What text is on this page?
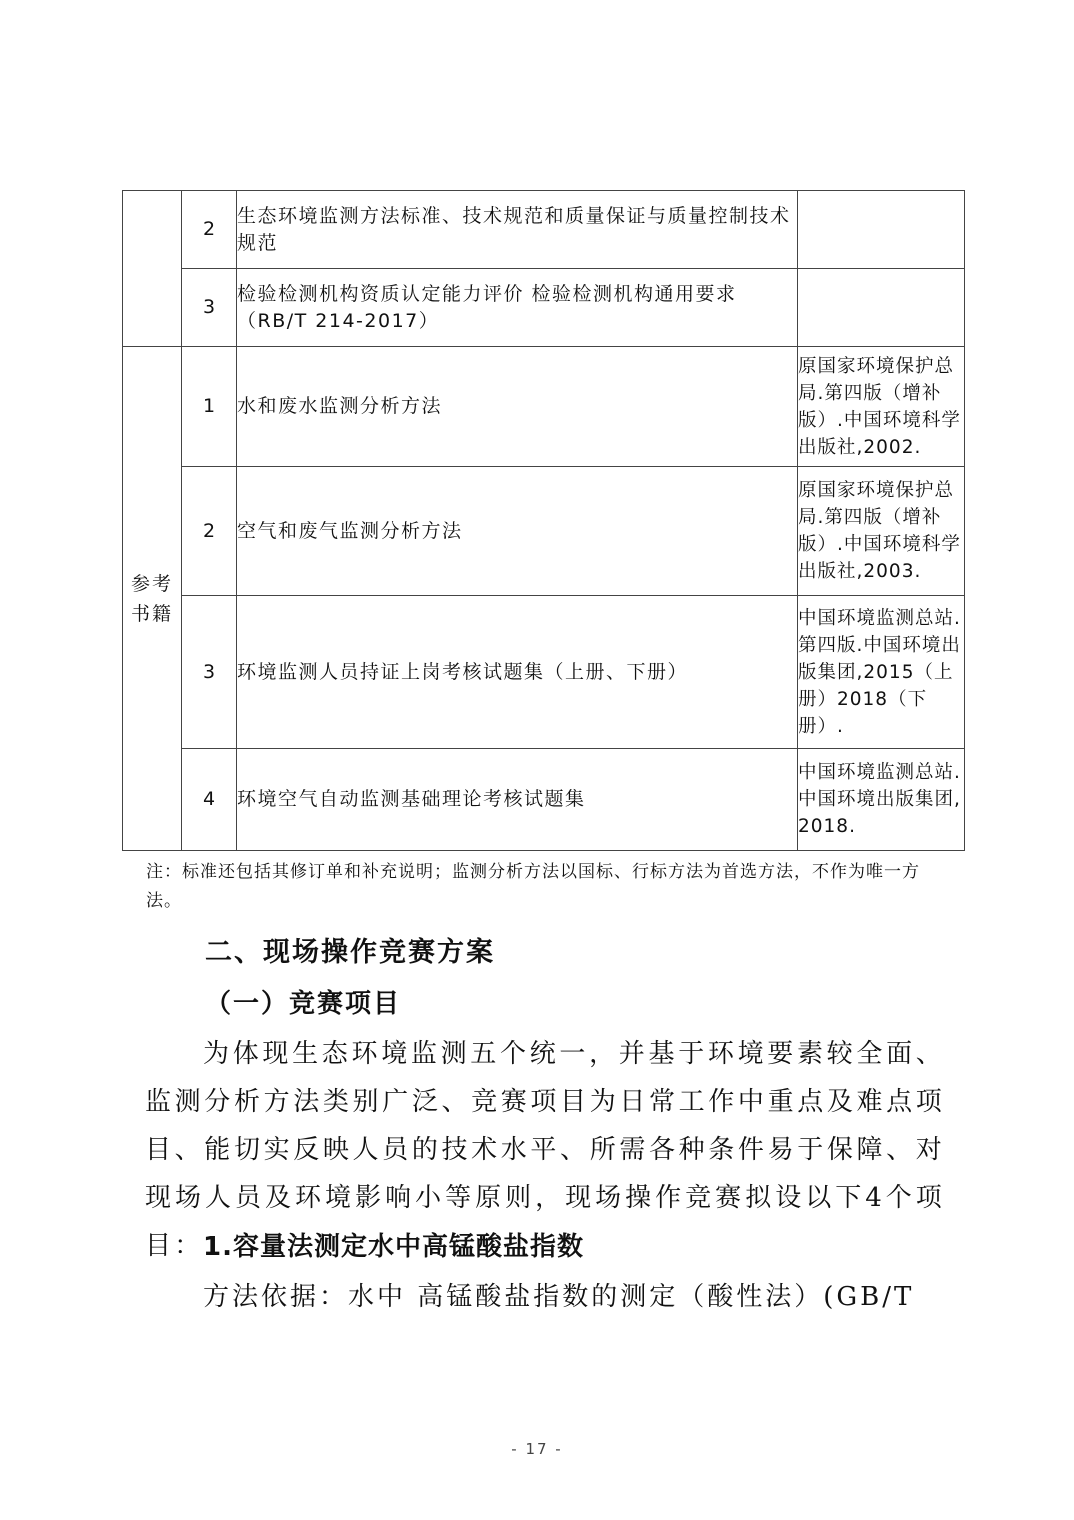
	2	生态环境监测方法标准、技术规范和质量保证与质量控制技术规范	
	3	检验检测机构资质认定能力评价 检验检测机构通用要求（RB/T 214-2017）	

参考书籍	1	水和废水监测分析方法	原国家环境保护总局.第四版（增补版）.中国环境科学出版社,2002.
	2	空气和废气监测分析方法	原国家环境保护总局.第四版（增补版）.中国环境科学出版社,2003.
	3	环境监测人员持证上岗考核试题集（上册、下册）	中国环境监测总站.第四版.中国环境出版集团,2015（上册）2018（下册）.
	4	环境空气自动监测基础理论考核试题集	中国环境监测总站.中国环境出版集团,2018.
注：标准还包括其修订单和补充说明；监测分析方法以国标、行标方法为首选方法，不作为唯一方法。
二、现场操作竞赛方案
（一）竞赛项目
为体现生态环境监测五个统一，并基于环境要素较全面、监测分析方法类别广泛、竞赛项目为日常工作中重点及难点项目、能切实反映人员的技术水平、所需各种条件易于保障、对现场人员及环境影响小等原则，现场操作竞赛拟设以下4个项目： 1.容量法测定水中高锰酸盐指数
方法依据：水中 高锰酸盐指数的测定（酸性法）(GB/T
- 17 -
